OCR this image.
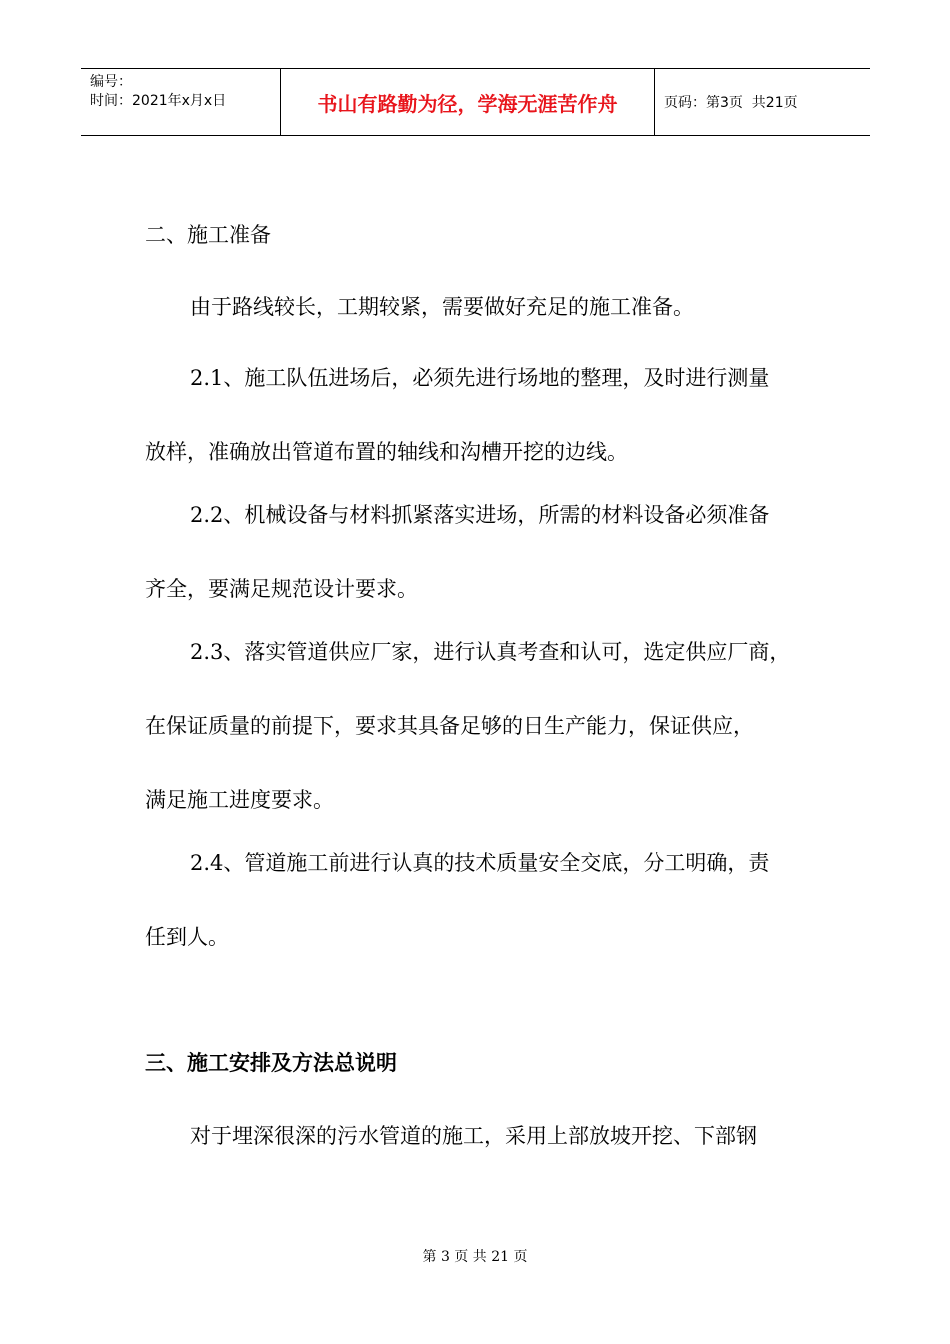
编号：
时间：2021年x月x日	书山有路勤为径，学海无涯苦作舟	页码：第3页  共21页
二、施工准备
由于路线较长，工期较紧，需要做好充足的施工准备。
2.1、施工队伍进场后，必须先进行场地的整理，及时进行测量
放样，准确放出管道布置的轴线和沟槽开挖的边线。
2.2、机械设备与材料抓紧落实进场，所需的材料设备必须准备
齐全，要满足规范设计要求。
2.3、落实管道供应厂家，进行认真考查和认可，选定供应厂商，
在保证质量的前提下，要求其具备足够的日生产能力，保证供应，
满足施工进度要求。
2.4、管道施工前进行认真的技术质量安全交底，分工明确，责
任到人。
三、施工安排及方法总说明
对于埋深很深的污水管道的施工，采用上部放坡开挖、下部钢
第 3 页 共 21 页
